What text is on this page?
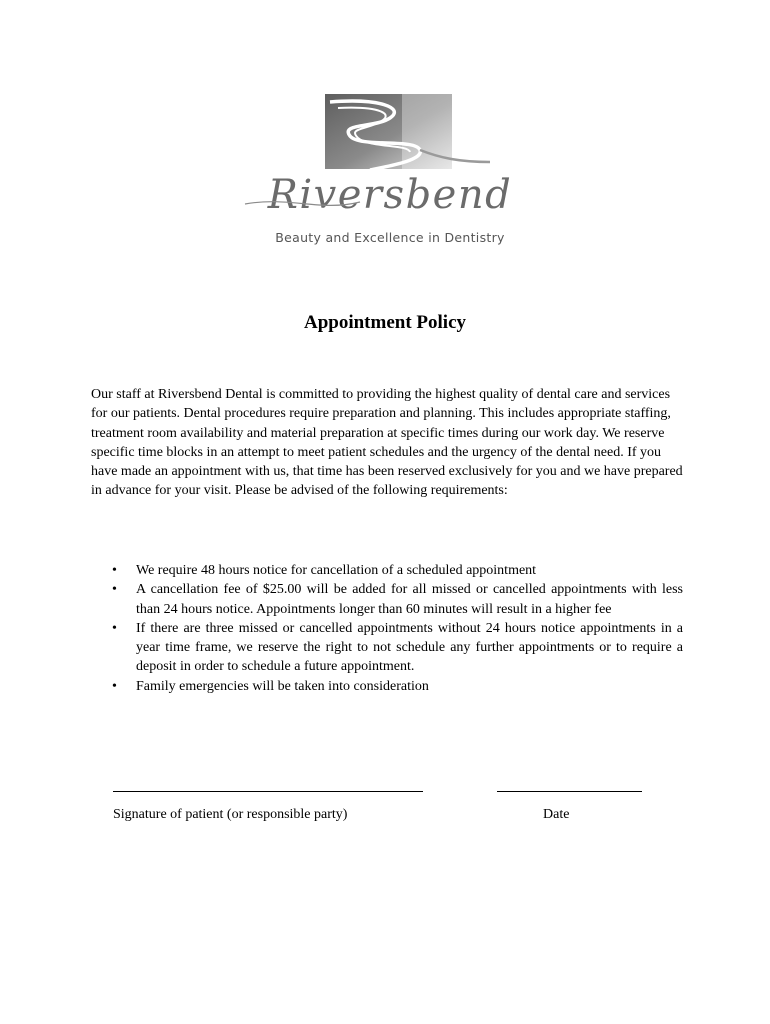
Riversbend
Beauty and Excellence in Dentistry
Appointment Policy

Our staff at Riversbend Dental is committed to providing the highest quality of dental care and services for our patients. Dental procedures require preparation and planning. This includes appropriate staffing, treatment room availability and material preparation at specific times during our work day. We reserve specific time blocks in an attempt to meet patient schedules and the urgency of the dental need. If you have made an appointment with us, that time has been reserved exclusively for you and we have prepared in advance for your visit. Please be advised of the following requirements:

• We require 48 hours notice for cancellation of a scheduled appointment
• A cancellation fee of $25.00 will be added for all missed or cancelled appointments with less than 24 hours notice. Appointments longer than 60 minutes will result in a higher fee
• If there are three missed or cancelled appointments without 24 hours notice appointments in a year time frame, we reserve the right to not schedule any further appointments or to require a deposit in order to schedule a future appointment.
• Family emergencies will be taken into consideration
Signature of patient (or responsible party)	Date
